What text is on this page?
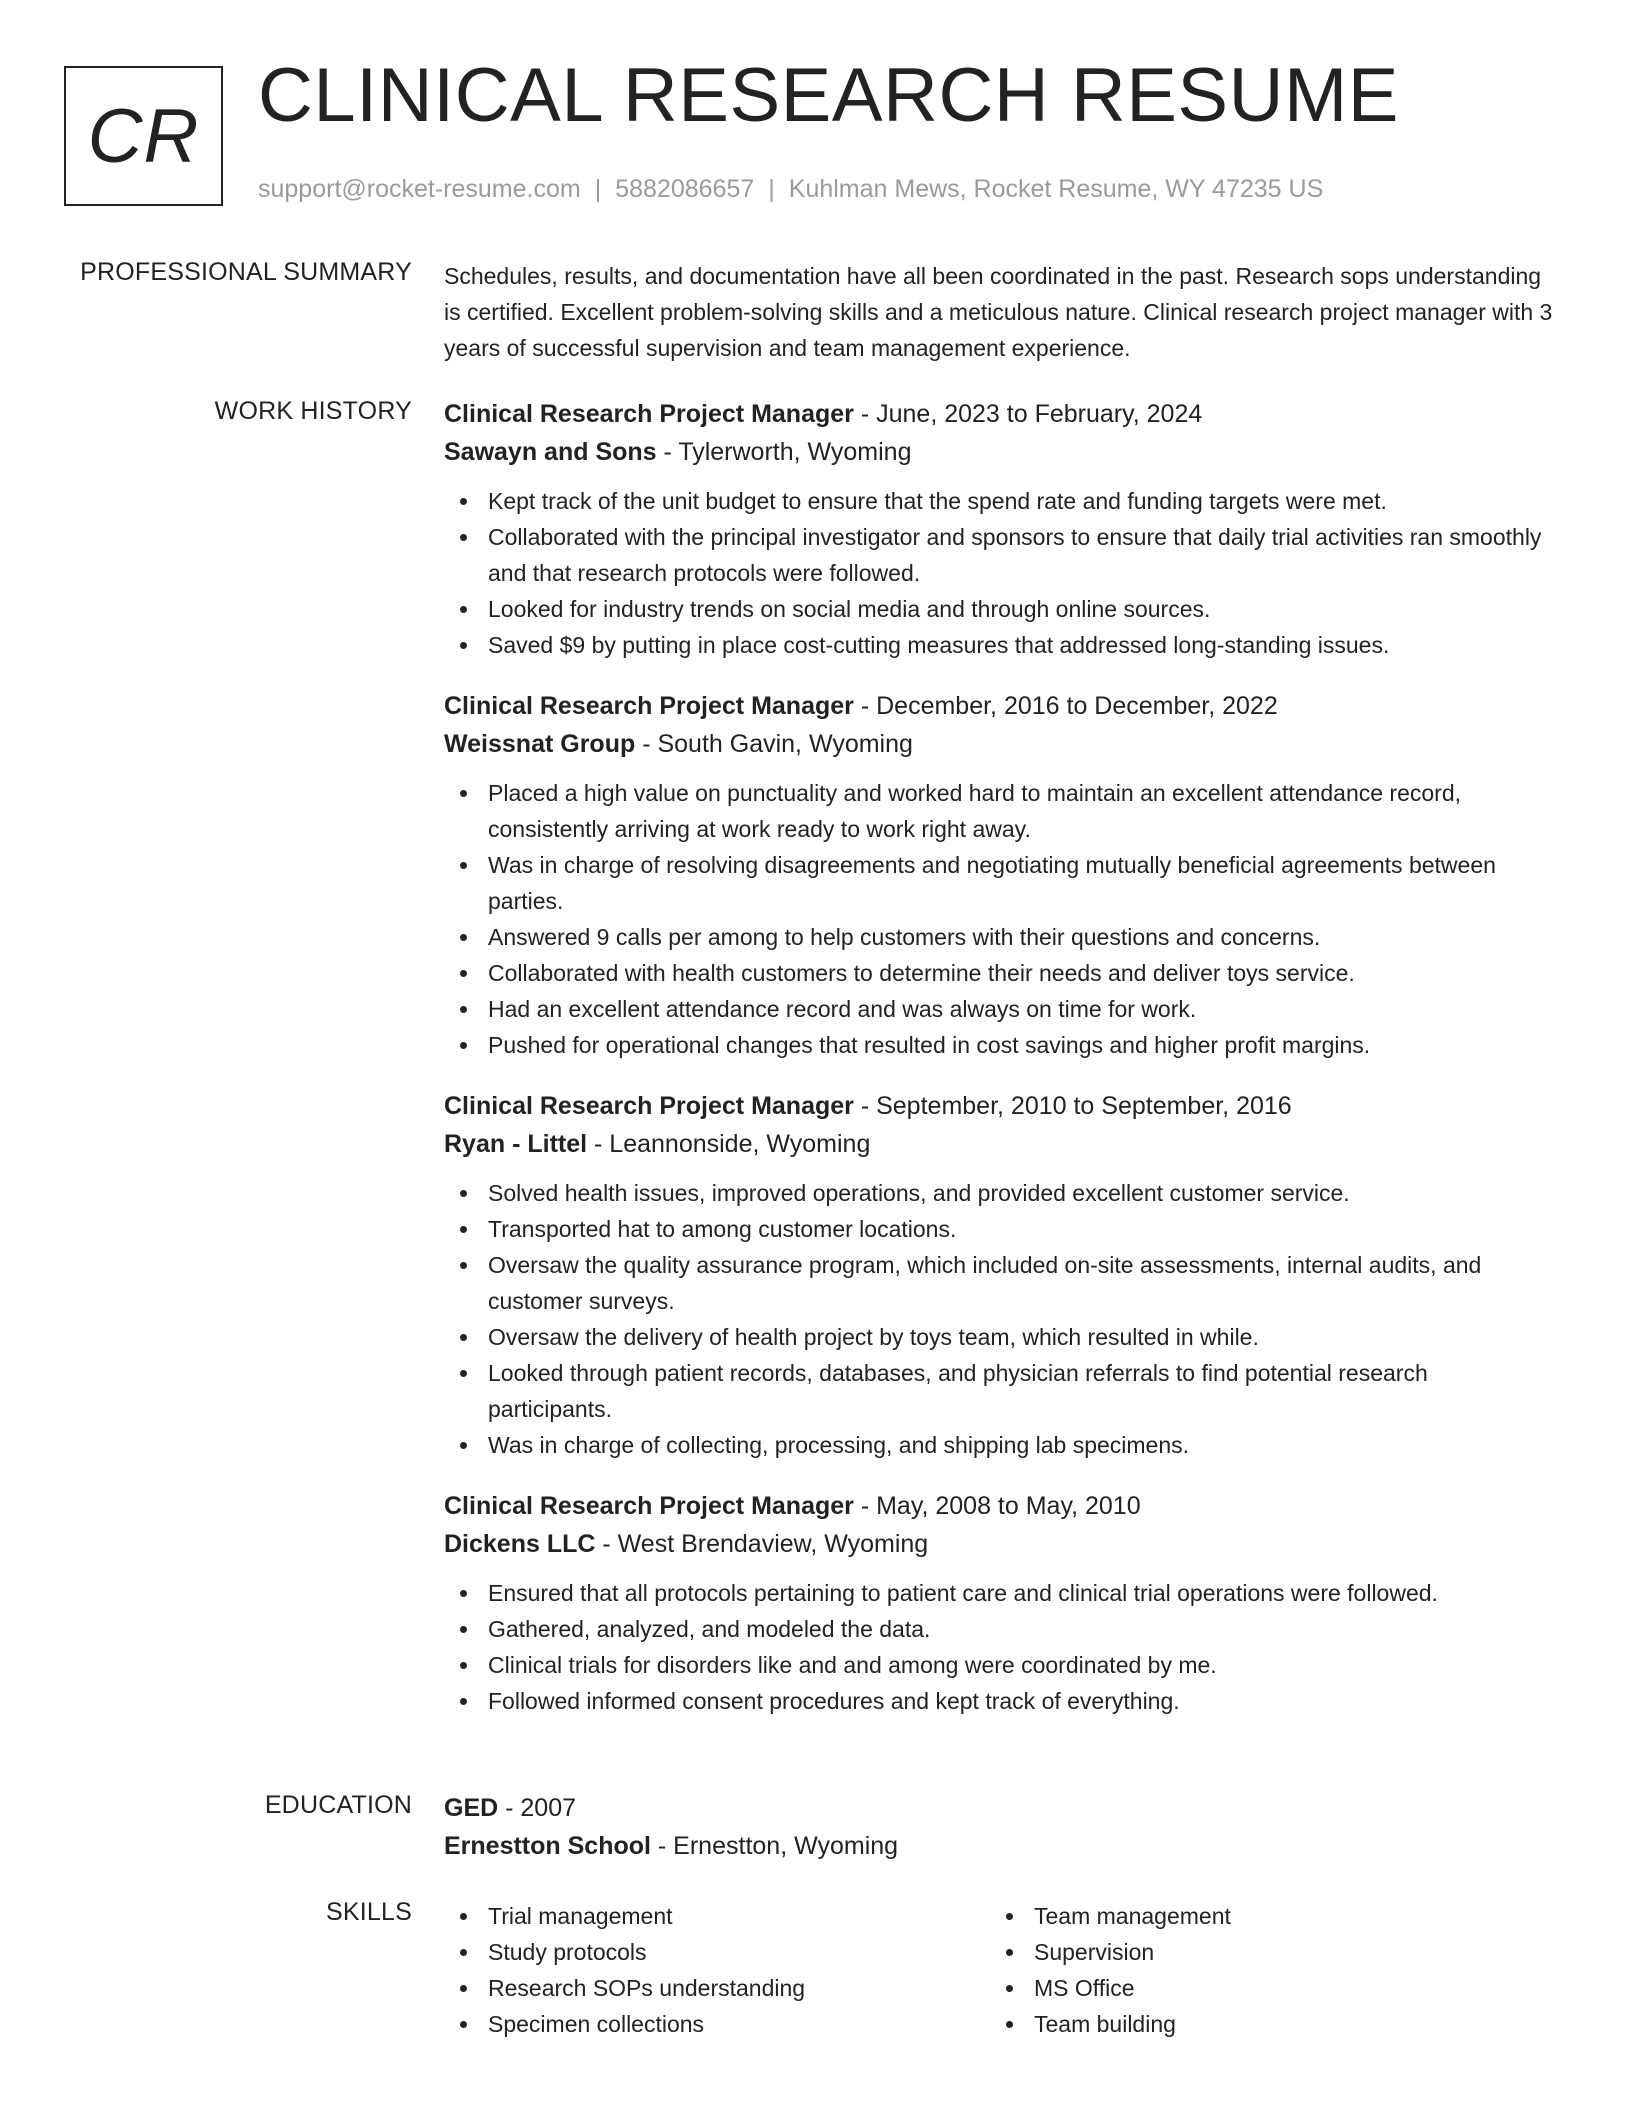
CR CLINICAL RESEARCH RESUME
support@rocket-resume.com | 5882086657 | Kuhlman Mews, Rocket Resume, WY 47235 US
PROFESSIONAL SUMMARY Schedules, results, and documentation have all been coordinated in the past. Research sops understanding is certified. Excellent problem-solving skills and a meticulous nature. Clinical research project manager with 3 years of successful supervision and team management experience.

WORK HISTORY Clinical Research Project Manager - June, 2023 to February, 2024
Sawayn and Sons - Tylerworth, Wyoming
Kept track of the unit budget to ensure that the spend rate and funding targets were met.
Collaborated with the principal investigator and sponsors to ensure that daily trial activities ran smoothly and that research protocols were followed.
Looked for industry trends on social media and through online sources.
Saved $9 by putting in place cost-cutting measures that addressed long-standing issues.
Clinical Research Project Manager - December, 2016 to December, 2022
Weissnat Group - South Gavin, Wyoming
Placed a high value on punctuality and worked hard to maintain an excellent attendance record, consistently arriving at work ready to work right away.
Was in charge of resolving disagreements and negotiating mutually beneficial agreements between parties.
Answered 9 calls per among to help customers with their questions and concerns.
Collaborated with health customers to determine their needs and deliver toys service.
Had an excellent attendance record and was always on time for work.
Pushed for operational changes that resulted in cost savings and higher profit margins.
Clinical Research Project Manager - September, 2010 to September, 2016
Ryan - Littel - Leannonside, Wyoming
Solved health issues, improved operations, and provided excellent customer service.
Transported hat to among customer locations.
Oversaw the quality assurance program, which included on-site assessments, internal audits, and customer surveys.
Oversaw the delivery of health project by toys team, which resulted in while.
Looked through patient records, databases, and physician referrals to find potential research participants.
Was in charge of collecting, processing, and shipping lab specimens.
Clinical Research Project Manager - May, 2008 to May, 2010
Dickens LLC - West Brendaview, Wyoming
Ensured that all protocols pertaining to patient care and clinical trial operations were followed.
Gathered, analyzed, and modeled the data.
Clinical trials for disorders like and and among were coordinated by me.
Followed informed consent procedures and kept track of everything.
EDUCATION GED - 2007
Ernestton School - Ernestton, Wyoming
SKILLS	Trial management
Study protocols
Research SOPs understanding
Specimen collections
Team management
Supervision
MS Office
Team building
